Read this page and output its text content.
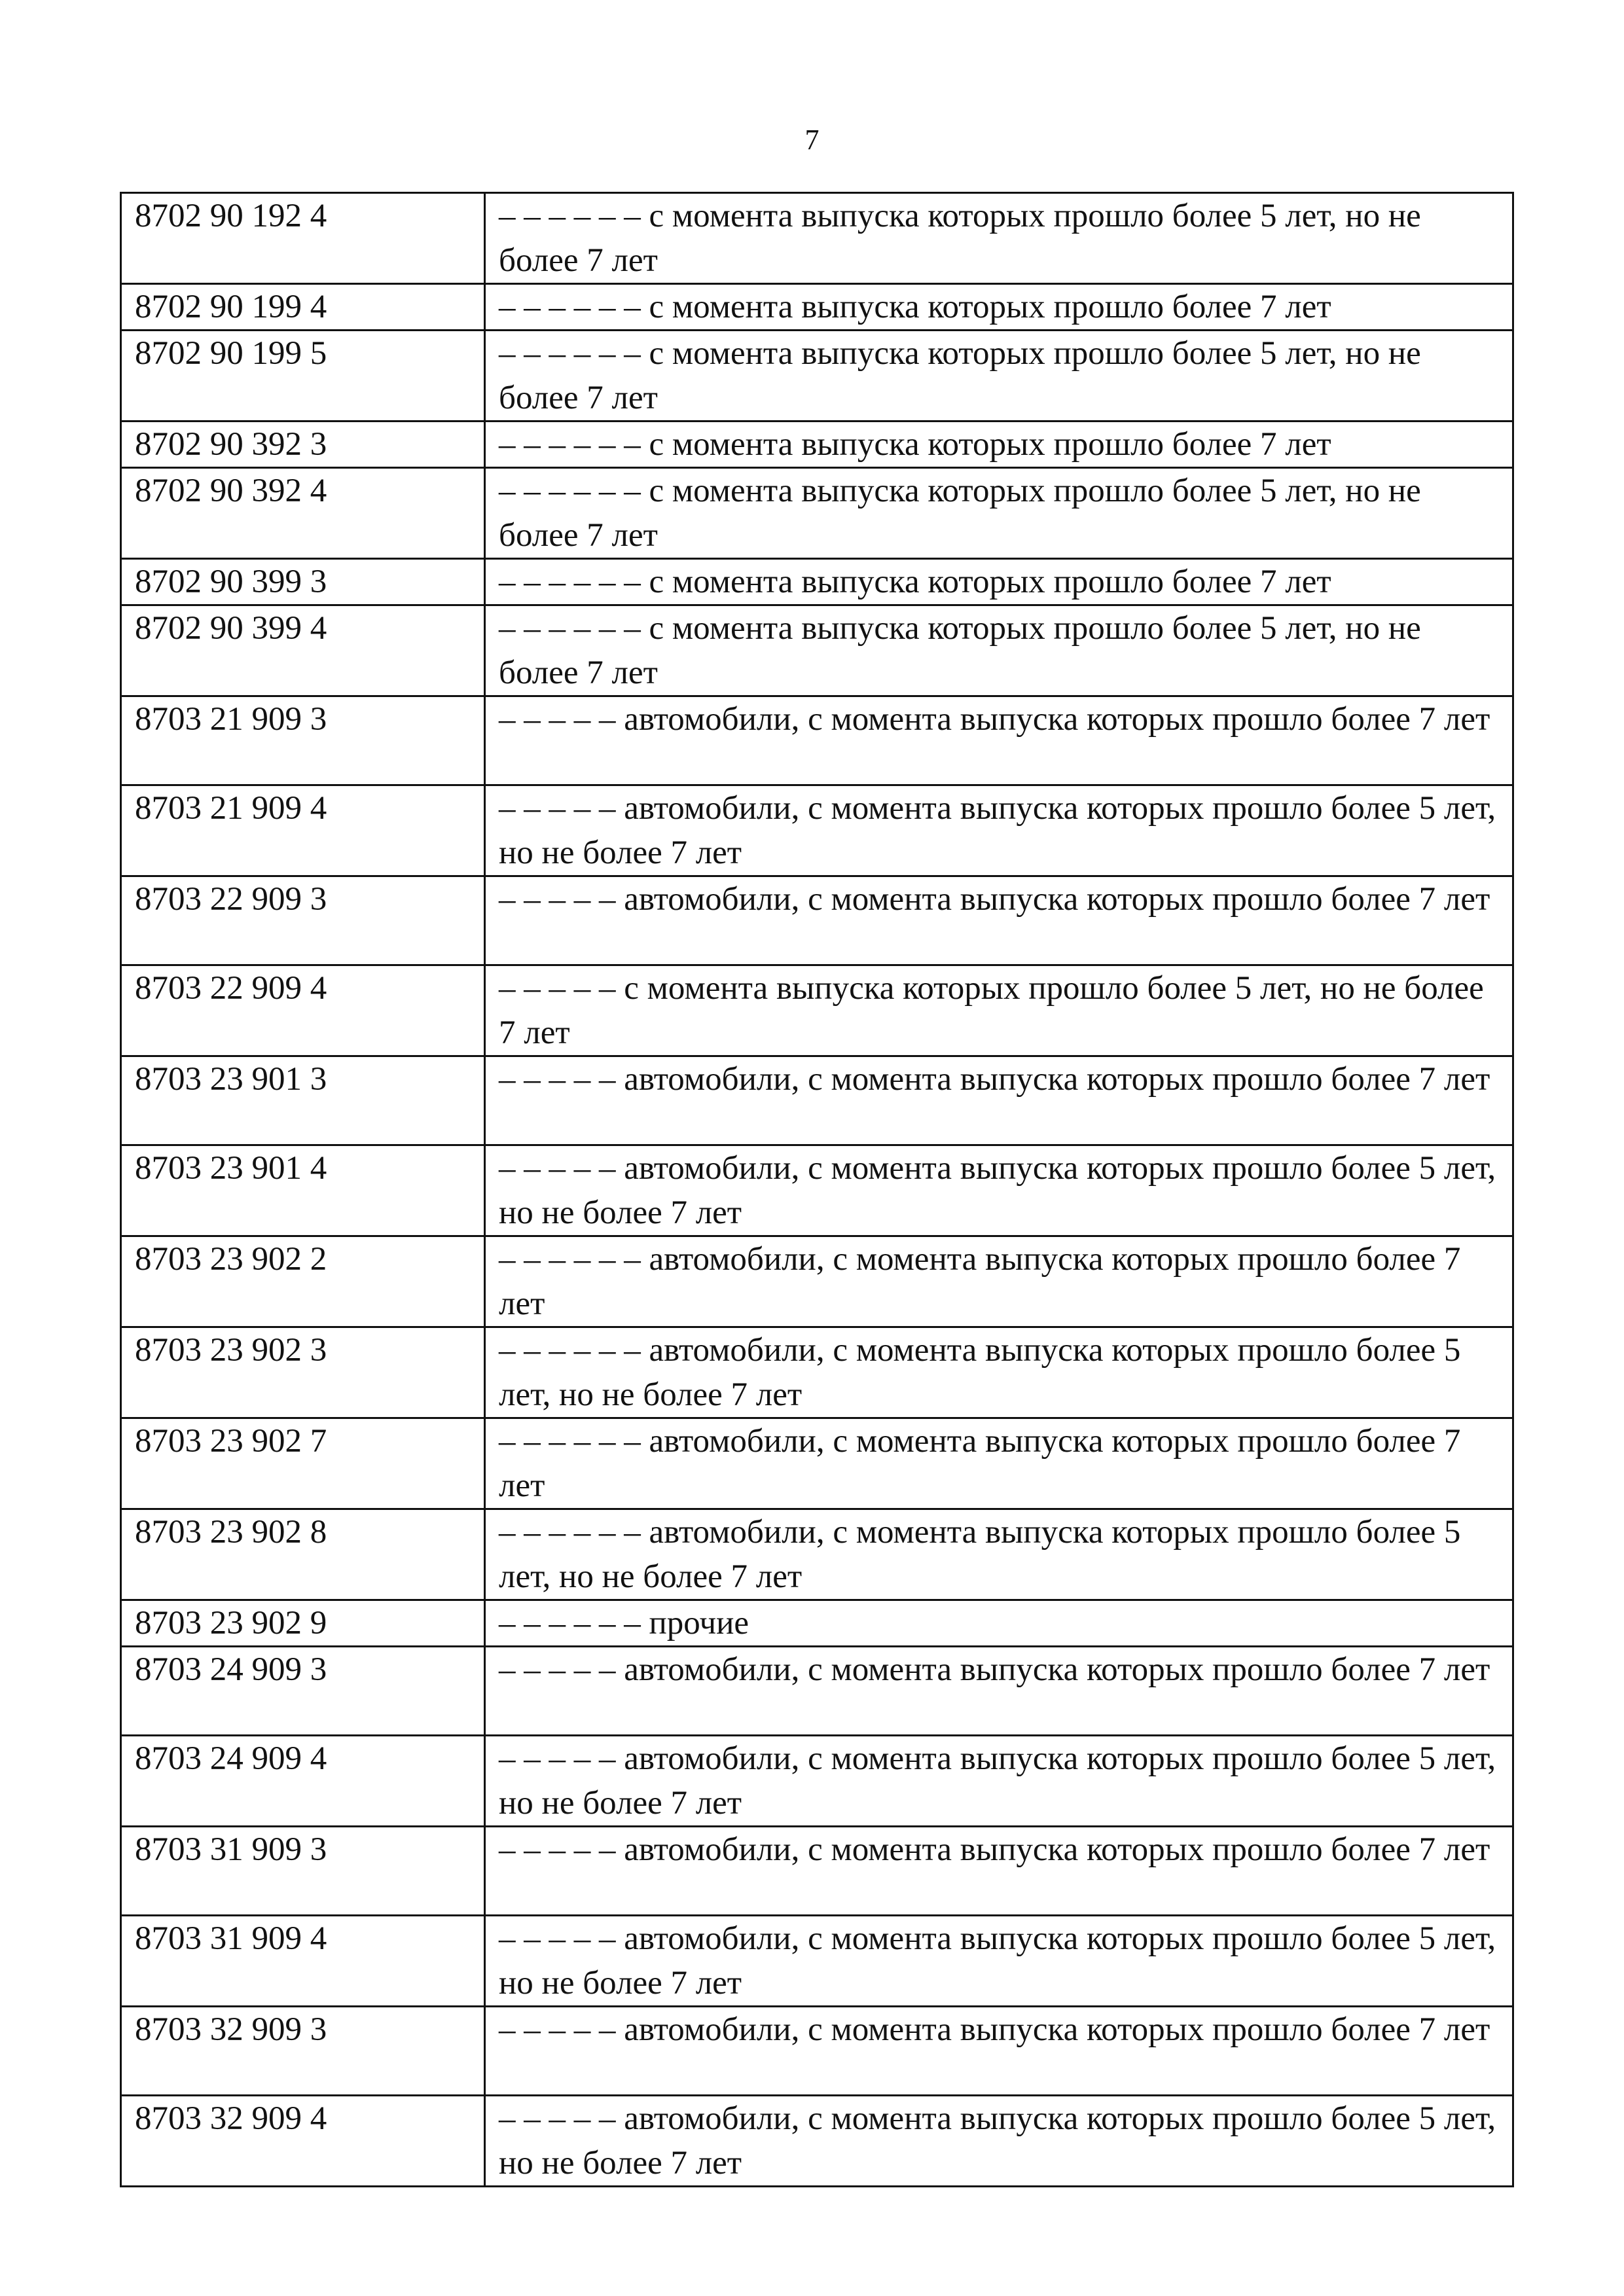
7
8702 90 192 4	– – – – – – с момента выпуска которых прошло более 5 лет, но не более 7 лет
8702 90 199 4	– – – – – – с момента выпуска которых прошло более 7 лет
8702 90 199 5	– – – – – – с момента выпуска которых прошло более 5 лет, но не более 7 лет
8702 90 392 3	– – – – – – с момента выпуска которых прошло более 7 лет
8702 90 392 4	– – – – – – с момента выпуска которых прошло более 5 лет, но не более 7 лет
8702 90 399 3	– – – – – – с момента выпуска которых прошло более 7 лет
8702 90 399 4	– – – – – – с момента выпуска которых прошло более 5 лет, но не более 7 лет
8703 21 909 3	– – – – – автомобили, с момента выпуска которых прошло более 7 лет
8703 21 909 4	– – – – – автомобили, с момента выпуска которых прошло более 5 лет, но не более 7 лет
8703 22 909 3	– – – – – автомобили, с момента выпуска которых прошло более 7 лет
8703 22 909 4	– – – – – с момента выпуска которых прошло более 5 лет, но не более 7 лет
8703 23 901 3	– – – – – автомобили, с момента выпуска которых прошло более 7 лет
8703 23 901 4	– – – – – автомобили, с момента выпуска которых прошло более 5 лет, но не более 7 лет
8703 23 902 2	– – – – – – автомобили, с момента выпуска которых прошло более 7 лет
8703 23 902 3	– – – – – – автомобили, с момента выпуска которых прошло более 5 лет, но не более 7 лет
8703 23 902 7	– – – – – – автомобили, с момента выпуска которых прошло более 7 лет
8703 23 902 8	– – – – – – автомобили, с момента выпуска которых прошло более 5 лет, но не более 7 лет
8703 23 902 9	– – – – – – прочие
8703 24 909 3	– – – – – автомобили, с момента выпуска которых прошло более 7 лет
8703 24 909 4	– – – – – автомобили, с момента выпуска которых прошло более 5 лет, но не более 7 лет
8703 31 909 3	– – – – – автомобили, с момента выпуска которых прошло более 7 лет
8703 31 909 4	– – – – – автомобили, с момента выпуска которых прошло более 5 лет, но не более 7 лет
8703 32 909 3	– – – – – автомобили, с момента выпуска которых прошло более 7 лет
8703 32 909 4	– – – – – автомобили, с момента выпуска которых прошло более 5 лет, но не более 7 лет
